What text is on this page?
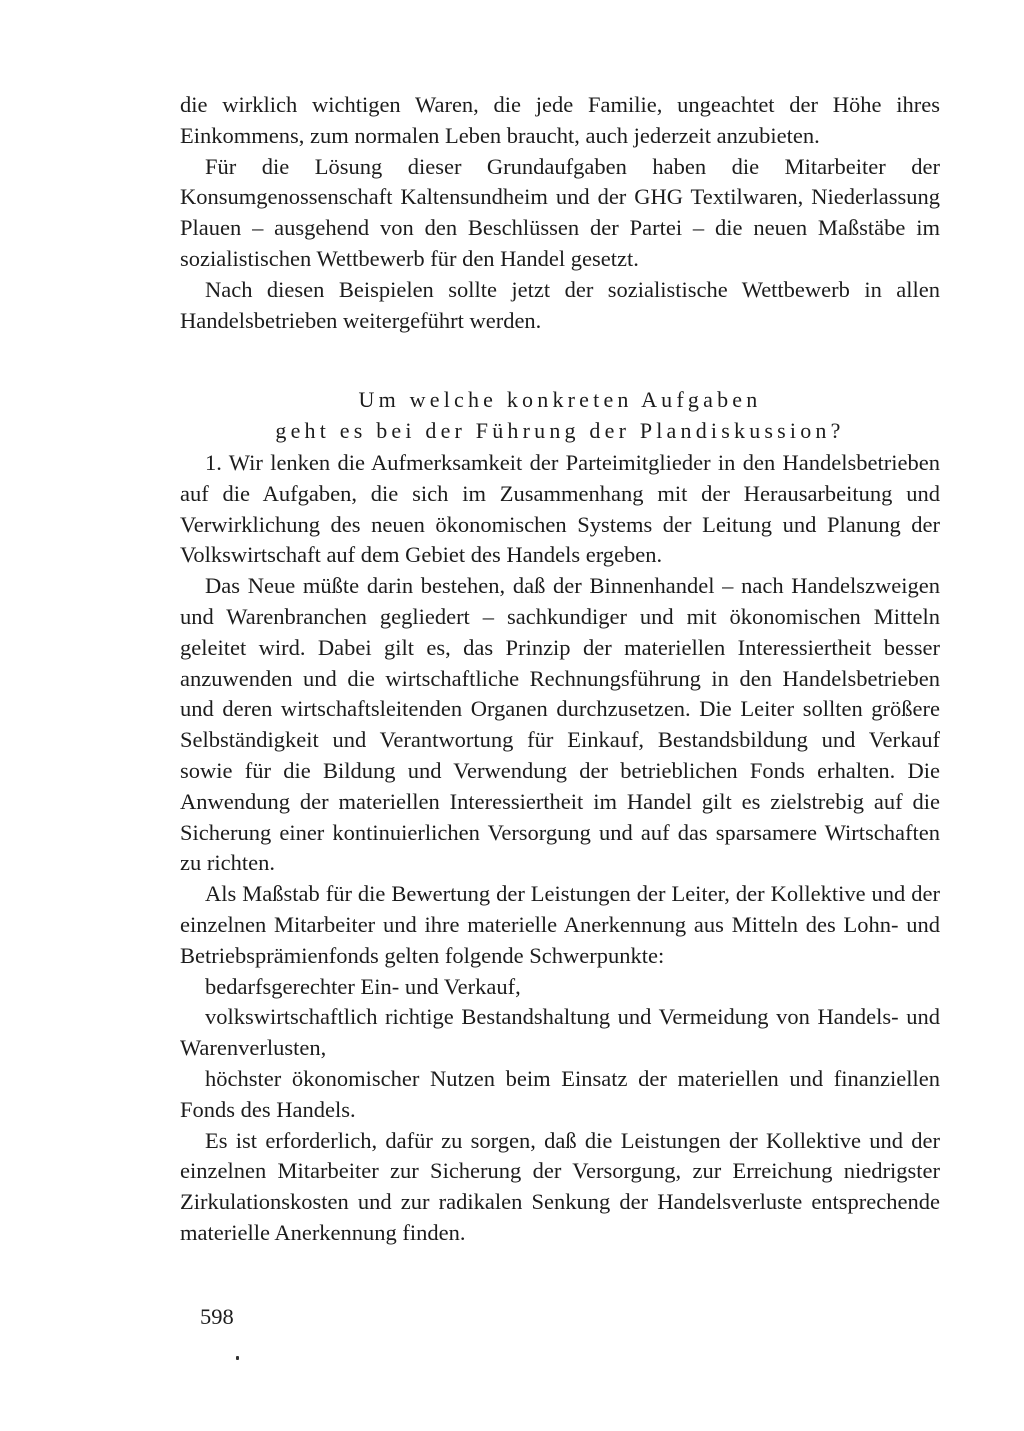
die wirklich wichtigen Waren, die jede Familie, ungeachtet der Höhe ihres Einkommens, zum normalen Leben braucht, auch jederzeit anzubieten.

Für die Lösung dieser Grundaufgaben haben die Mitarbeiter der Konsumgenossenschaft Kaltensundheim und der GHG Textilwaren, Niederlassung Plauen – ausgehend von den Beschlüssen der Partei – die neuen Maßstäbe im sozialistischen Wettbewerb für den Handel gesetzt.

Nach diesen Beispielen sollte jetzt der sozialistische Wettbewerb in allen Handelsbetrieben weitergeführt werden.

Um welche konkreten Aufgaben
geht es bei der Führung der Plandiskussion?

1. Wir lenken die Aufmerksamkeit der Parteimitglieder in den Handelsbetrieben auf die Aufgaben, die sich im Zusammenhang mit der Herausarbeitung und Verwirklichung des neuen ökonomischen Systems der Leitung und Planung der Volkswirtschaft auf dem Gebiet des Handels ergeben.

Das Neue müßte darin bestehen, daß der Binnenhandel – nach Handelszweigen und Warenbranchen gegliedert – sachkundiger und mit ökonomischen Mitteln geleitet wird. Dabei gilt es, das Prinzip der materiellen Interessiertheit besser anzuwenden und die wirtschaftliche Rechnungsführung in den Handelsbetrieben und deren wirtschaftsleitenden Organen durchzusetzen. Die Leiter sollten größere Selbständigkeit und Verantwortung für Einkauf, Bestandsbildung und Verkauf sowie für die Bildung und Verwendung der betrieblichen Fonds erhalten. Die Anwendung der materiellen Interessiertheit im Handel gilt es zielstrebig auf die Sicherung einer kontinuierlichen Versorgung und auf das sparsamere Wirtschaften zu richten.

Als Maßstab für die Bewertung der Leistungen der Leiter, der Kollektive und der einzelnen Mitarbeiter und ihre materielle Anerkennung aus Mitteln des Lohn- und Betriebsprämienfonds gelten folgende Schwerpunkte:

bedarfsgerechter Ein- und Verkauf,

volkswirtschaftlich richtige Bestandshaltung und Vermeidung von Handels- und Warenverlusten,

höchster ökonomischer Nutzen beim Einsatz der materiellen und finanziellen Fonds des Handels.

Es ist erforderlich, dafür zu sorgen, daß die Leistungen der Kollektive und der einzelnen Mitarbeiter zur Sicherung der Versorgung, zur Erreichung niedrigster Zirkulationskosten und zur radikalen Senkung der Handelsverluste entsprechende materielle Anerkennung finden.

598
